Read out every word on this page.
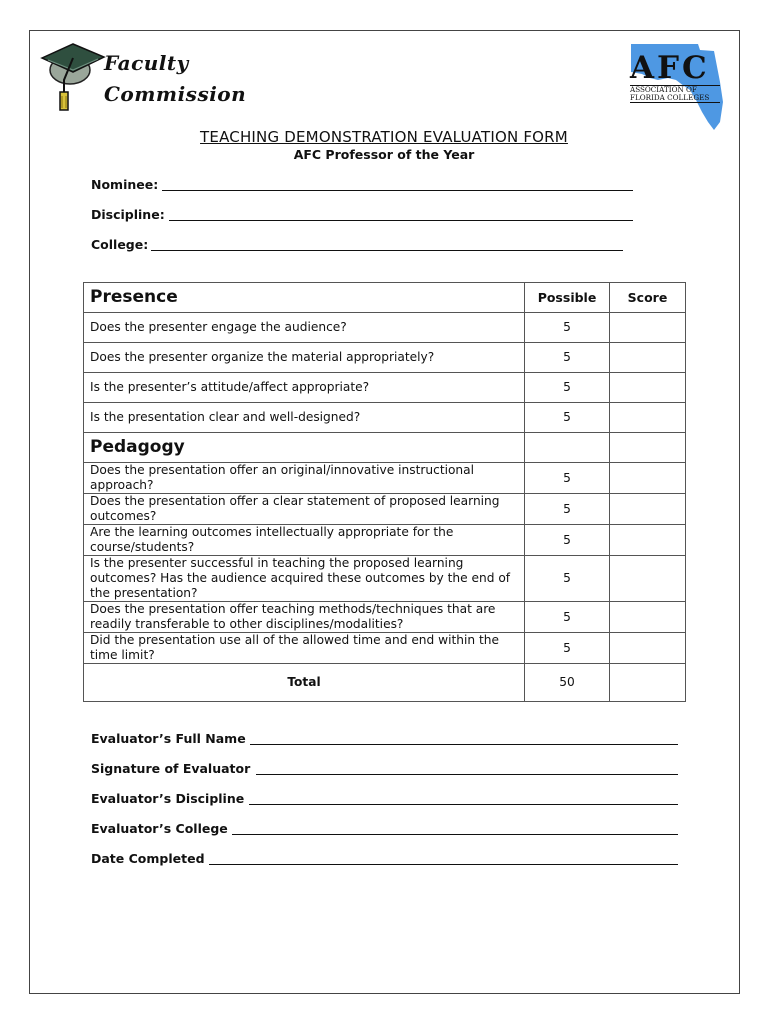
Faculty
Commission
AFC
ASSOCIATION OF
FLORIDA COLLEGES
TEACHING DEMONSTRATION EVALUATION FORM
AFC Professor of the Year
Nominee:
Discipline:
College:
Presence	Possible	Score
Does the presenter engage the audience?	5	
Does the presenter organize the material appropriately?	5	
Is the presenter’s attitude/affect appropriate?	5	
Is the presentation clear and well-designed?	5	
Pedagogy		
Does the presentation offer an original/innovative instructional approach?	5	
Does the presentation offer a clear statement of proposed learning outcomes?	5	
Are the learning outcomes intellectually appropriate for the course/students?	5	
Is the presenter successful in teaching the proposed learning outcomes? Has the audience acquired these outcomes by the end of the presentation?	5	
Does the presentation offer teaching methods/techniques that are readily transferable to other disciplines/modalities?	5	
Did the presentation use all of the allowed time and end within the time limit?	5	
Total	50	
Evaluator’s Full Name
Signature of Evaluator
Evaluator’s Discipline
Evaluator’s College
Date Completed
